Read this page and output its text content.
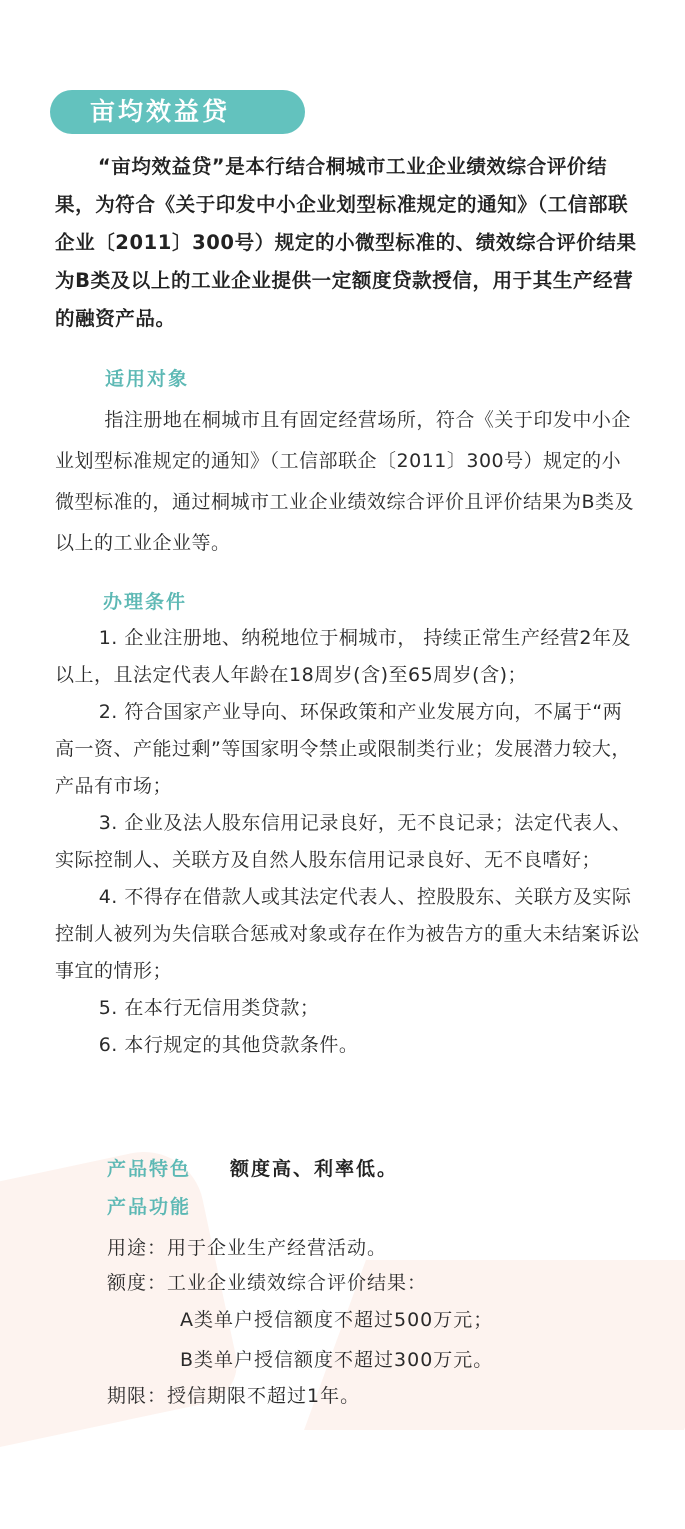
亩均效益贷

“亩均效益贷”是本行结合桐城市工业企业绩效综合评价结果，为符合《关于印发中小企业划型标准规定的通知》（工信部联企业〔2011〕300号）规定的小微型标准的、绩效综合评价结果为B类及以上的工业企业提供一定额度贷款授信，用于其生产经营的融资产品。

适用对象

指注册地在桐城市且有固定经营场所，符合《关于印发中小企业划型标准规定的通知》（工信部联企〔2011〕300号）规定的小微型标准的，通过桐城市工业企业绩效综合评价且评价结果为B类及以上的工业企业等。

办理条件

1. 企业注册地、纳税地位于桐城市， 持续正常生产经营2年及以上，且法定代表人年龄在18周岁(含)至65周岁(含)；

2. 符合国家产业导向、环保政策和产业发展方向，不属于“两高一资、产能过剩”等国家明令禁止或限制类行业；发展潜力较大，产品有市场；

3. 企业及法人股东信用记录良好，无不良记录；法定代表人、实际控制人、关联方及自然人股东信用记录良好、无不良嗜好；

4. 不得存在借款人或其法定代表人、控股股东、关联方及实际控制人被列为失信联合惩戒对象或存在作为被告方的重大未结案诉讼事宜的情形；

5. 在本行无信用类贷款；

6. 本行规定的其他贷款条件。

产品特色 额度高、利率低。
产品功能
用途：用于企业生产经营活动。
额度：工业企业绩效综合评价结果：
A类单户授信额度不超过500万元；
B类单户授信额度不超过300万元。
期限：授信期限不超过1年。
